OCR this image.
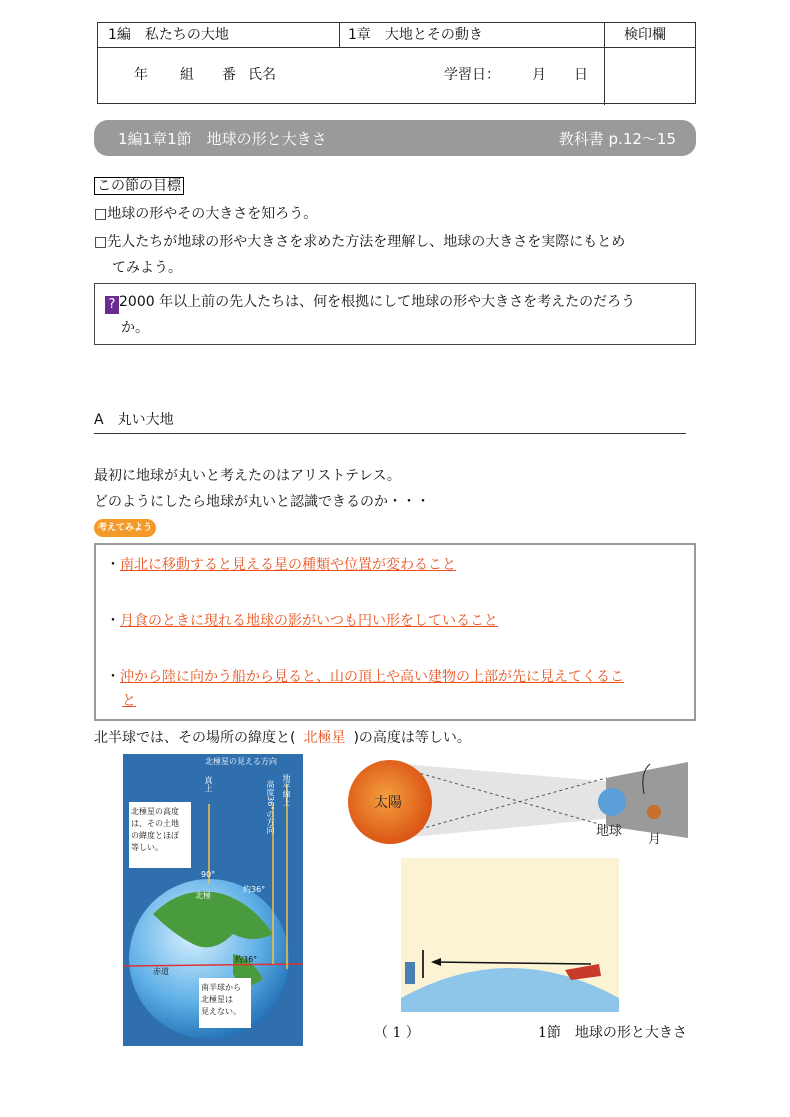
1編　私たちの大地	1章　大地とその動き	検印欄
年 組 番 氏名	学習日： 月 日
1編1章1節　地球の形と大きさ	教科書 p.12〜15
この節の目標
□地球の形やその大きさを知ろう。
□先人たちが地球の形や大きさを求めた方法を理解し、地球の大きさを実際にもとめ
てみよう。
? 2000 年以上前の先人たちは、何を根拠にして地球の形や大きさを考えたのだろう
か。
A　丸い大地
最初に地球が丸いと考えたのはアリストテレス。
どのようにしたら地球が丸いと認識できるのか・・・
考えてみよう
・南北に移動すると見える星の種類や位置が変わること
・月食のときに現れる地球の影がいつも円い形をしていること
・沖から陸に向かう船から見ると、山の頂上や高い建物の上部が先に見えてくるこ
と
北半球では、その場所の緯度と( 北極星 )の高度は等しい。
北極星の見える方向
真上	高度36°の方向 地平線上
北極星の高度
は、その土地
の緯度とほぼ
等しい。
90°
北極
約36°
約36°
赤道
南半球から
北極星は
見えない。
太陽
地球
月
（ 1 ）	1節　地球の形と大きさ
